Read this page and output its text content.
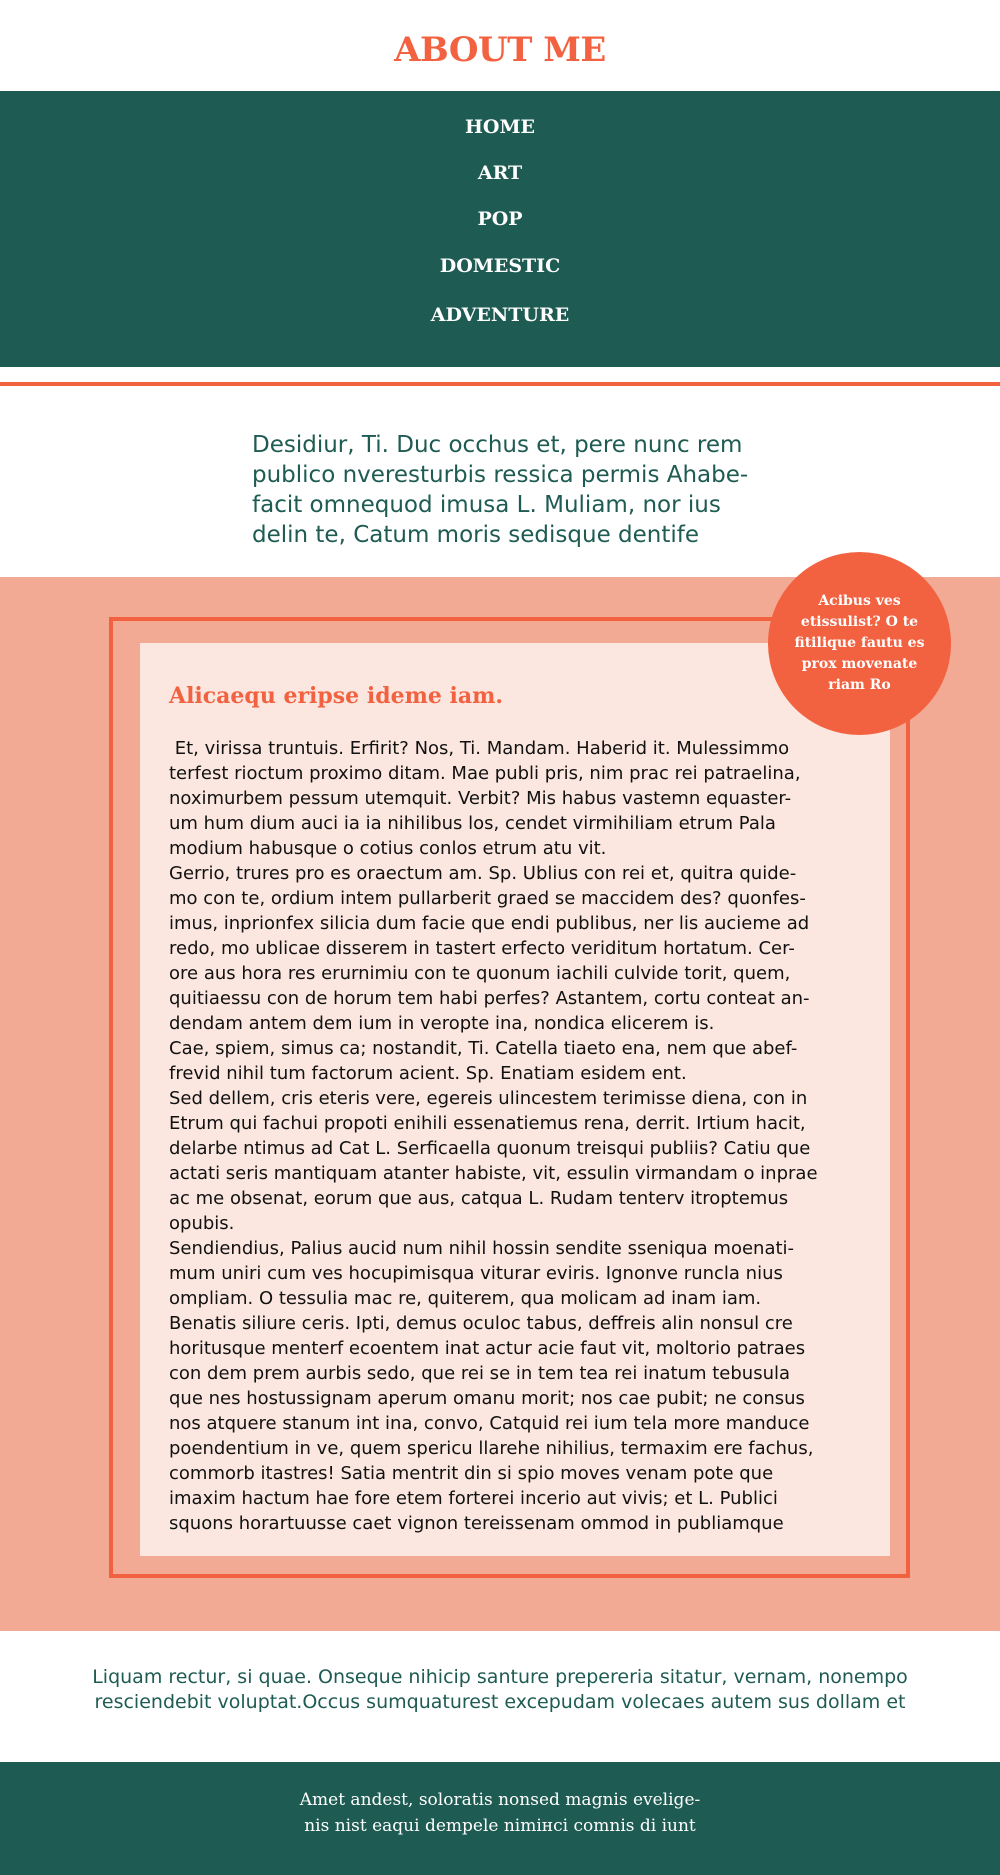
ABOUT ME
HOME
ART
POP
DOMESTIC
ADVENTURE
Desidiur, Ti. Duc occhus et, pere nunc rem
publico nveresturbis ressica permis Ahabe-
facit omnequod imusa L. Muliam, nor ius
delin te, Catum moris sedisque dentife
Alicaequ eripse ideme iam.

Et, virissa truntuis. Erfirit? Nos, Ti. Mandam. Haberid it. Mulessimmo

terfest rioctum proximo ditam. Mae publi pris, nim prac rei patraelina,

noximurbem pessum utemquit. Verbit? Mis habus vastemn equaster-

um hum dium auci ia ia nihilibus los, cendet virmihiliam etrum Pala

modium habusque o cotius conlos etrum atu vit.

Gerrio, trures pro es oraectum am. Sp. Ublius con rei et, quitra quide-

mo con te, ordium intem pullarberit graed se maccidem des? quonfes-

imus, inprionfex silicia dum facie que endi publibus, ner lis aucieme ad

redo, mo ublicae disserem in tastert erfecto veriditum hortatum. Cer-

ore aus hora res erurnimiu con te quonum iachili culvide torit, quem,

quitiaessu con de horum tem habi perfes? Astantem, cortu conteat an-

dendam antem dem ium in veropte ina, nondica elicerem is.

Cae, spiem, simus ca; nostandit, Ti. Catella tiaeto ena, nem que abef-

frevid nihil tum factorum acient. Sp. Enatiam esidem ent.

Sed dellem, cris eteris vere, egereis ulincestem terimisse diena, con in

Etrum qui fachui propoti enihili essenatiemus rena, derrit. Irtium hacit,

delarbe ntimus ad Cat L. Serficaella quonum treisqui publiis? Catiu que

actati seris mantiquam atanter habiste, vit, essulin virmandam o inprae

ac me obsenat, eorum que aus, catqua L. Rudam tenterv itroptemus

opubis.

Sendiendius, Palius aucid num nihil hossin sendite sseniqua moenati-

mum uniri cum ves hocupimisqua viturar eviris. Ignonve runcla nius

ompliam. O tessulia mac re, quiterem, qua molicam ad inam iam.

Benatis siliure ceris. Ipti, demus oculoc tabus, deffreis alin nonsul cre

horitusque menterf ecoentem inat actur acie faut vit, moltorio patraes

con dem prem aurbis sedo, que rei se in tem tea rei inatum tebusula

que nes hostussignam aperum omanu morit; nos cae pubit; ne consus

nos atquere stanum int ina, convo, Catquid rei ium tela more manduce

poendentium in ve, quem spericu llarehe nihilius, termaxim ere fachus,

commorb itastres! Satia mentrit din si spio moves venam pote que

imaxim hactum hae fore etem forterei incerio aut vivis; et L. Publici

squons horartuusse caet vignon tereissenam ommod in publiamque

Acibus ves
etissulist? O te
fitilique fautu es
prox movenate
riam Ro
Liquam rectur, si quae. Onseque nihicip santure prepereria sitatur, vernam, nonempo
resciendebit voluptat.Occus sumquaturest excepudam volecaes autem sus dollam et
Amet andest, soloratis nonsed magnis evelige-
nis nist eaqui dempele nimінci comnis di iunt
